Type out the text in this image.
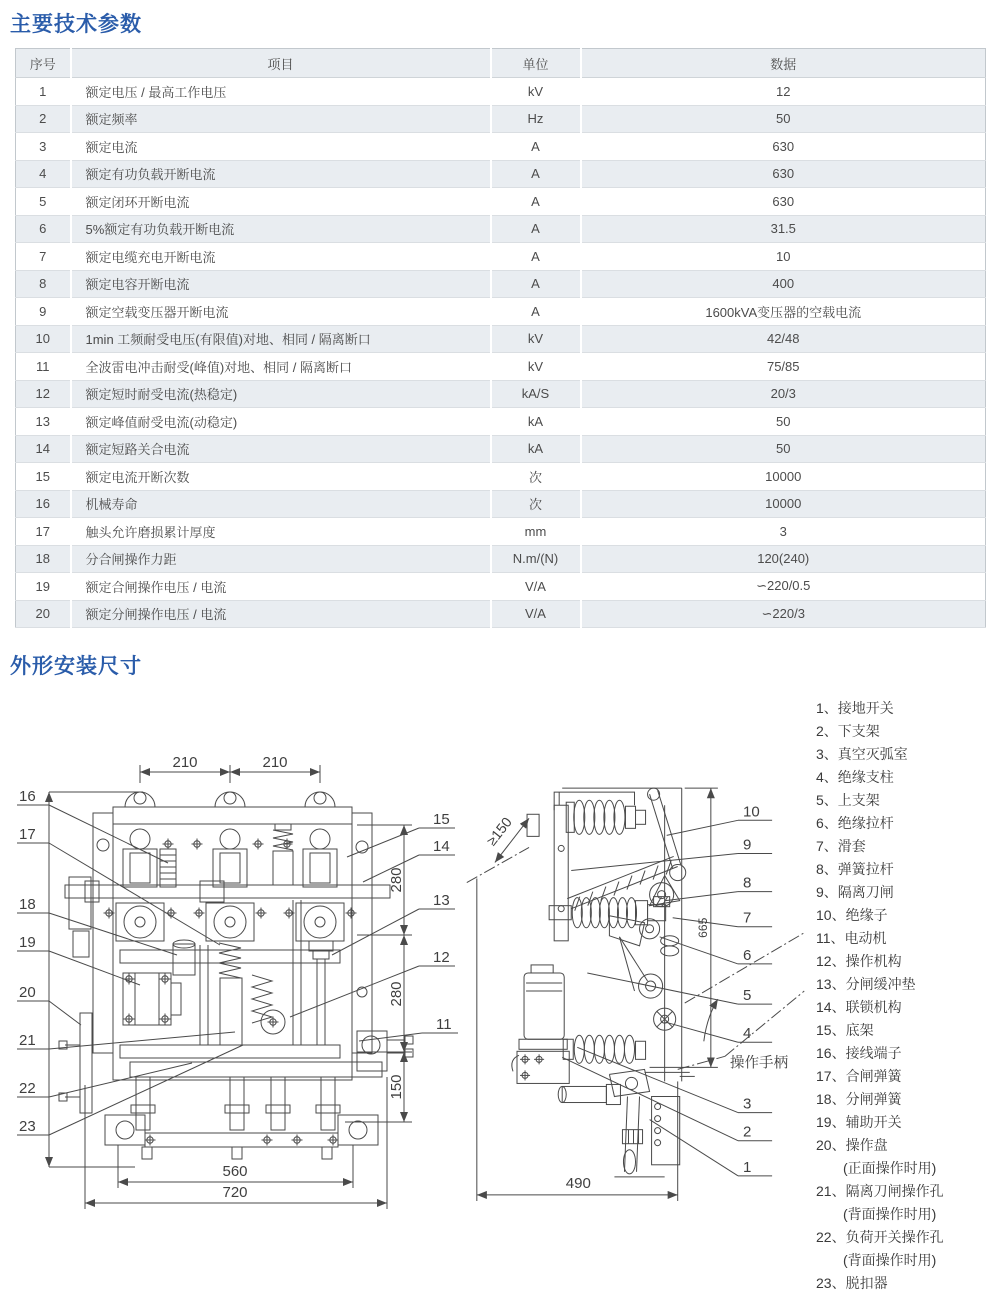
主要技术参数
序号	项目	单位	数据
1	额定电压 / 最高工作电压	kV	12
2	额定频率	Hz	50
3	额定电流	A	630
4	额定有功负载开断电流	A	630
5	额定闭环开断电流	A	630
6	5%额定有功负载开断电流	A	31.5
7	额定电缆充电开断电流	A	10
8	额定电容开断电流	A	400
9	额定空载变压器开断电流	A	1600kVA变压器的空载电流
10	1min 工频耐受电压(有限值)对地、相同 / 隔离断口	kV	42/48
11	全波雷电冲击耐受(峰值)对地、相同 / 隔离断口	kV	75/85
12	额定短时耐受电流(热稳定)	kA/S	20/3
13	额定峰值耐受电流(动稳定)	kA	50
14	额定短路关合电流	kA	50
15	额定电流开断次数	次	10000
16	机械寿命	次	10000
17	触头允许磨损累计厚度	mm	3
18	分合闸操作力距	N.m/(N)	120(240)
19	额定合闸操作电压 / 电流	V/A	∽220/0.5
20	额定分闸操作电压 / 电流	V/A	∽220/3
外形安装尺寸
210	210
280
280
150
560
720
16
17
18
19
20
21
22
23
15
14
13
12
11
≥150
665
490
操作手柄
10
9
8
7
6
5
4
3
2
1
1、接地开关
2、下支架
3、真空灭弧室
4、绝缘支柱
5、上支架
6、绝缘拉杆
7、滑套
8、弹簧拉杆
9、隔离刀闸
10、绝缘子
11、电动机
12、操作机构
13、分闸缓冲垫
14、联锁机构
15、底架
16、接线端子
17、合闸弹簧
18、分闸弹簧
19、辅助开关
20、操作盘
(正面操作时用)
21、隔离刀闸操作孔
(背面操作时用)
22、负荷开关操作孔
(背面操作时用)
23、脱扣器
